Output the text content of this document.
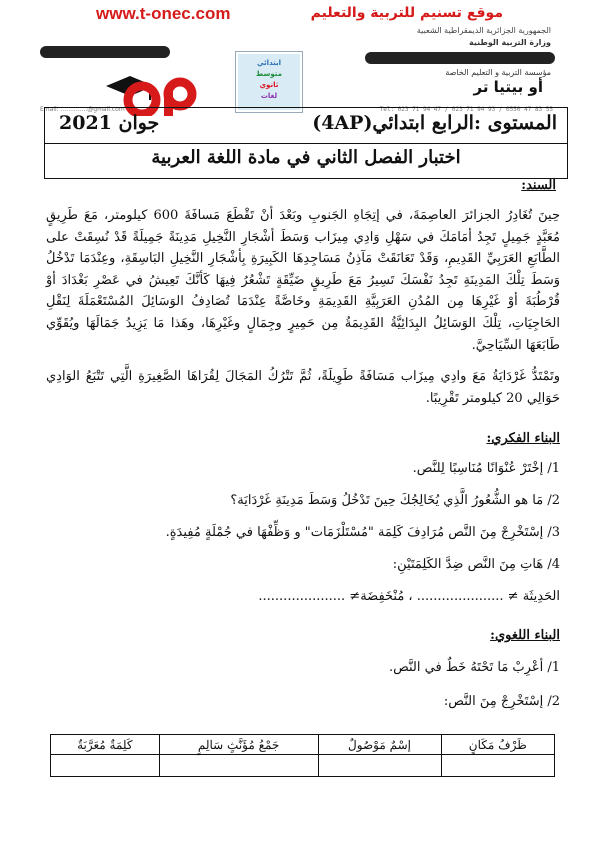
www.t-onec.com	موقع تسنيم للتربية والتعليم
الجمهورية الجزائرية الديمقراطية الشعبية
وزارة التربية الوطنية
مؤسسة التربية و التعليم الخاصة
أو بيتيا تر
ابتدائي
متوسط
ثانوي
لغات
Tel: 023 71 94 47 / 023 71 94 93 / 0550 47 83 55
Email: ..............@gmail.com
المستوى :الرابع ابتدائي(4AP)
جوان 2021
اختبار الفصل الثاني في مادة اللغة العربية
السند:

حِينَ تُغَادِرُ الجزائرَ العاصِمَةَ، في إتِجَاهِ الجَنوبِ وبَعْدَ أنْ تَقْطَعَ مَسافَةَ 600 كيلومتر، مَعَ طَرِيقٍ مُعَبَّدٍ جَمِيلٍ تَجِدُ أمَامَكَ في سَهْلِ وَادِي مِيزَاب وَسَطَ أشْجَارِ النَّخِيلِ مَدِينَةً جَمِيلَةً قَدْ نُسِقَتْ على الطَّابَعِ العَرَبِيِّ القَدِيمِ، وَقَدْ تَعَانَقَتْ مَآذِنُ مَسَاجِدِهَا الكَبِيرَةِ بِأشْجَارِ النَّخِيلِ البَاسِقَةِ، وعِنْدَمَا تَدْخُلُ وَسَطَ تِلْكَ المَدِينَةِ تَجِدُ نَفْسَكَ تَسِيرُ مَعَ طَرِيقٍ ضَيِّقَةٍ تَشْعُرُ فِيهَا كَأنَّكَ تَعِيشُ في عَصْرِ بَغْدَادَ أوْ قُرْطُبَةَ أوْ غَيْرِهَا مِن المُدُنِ العَرَبِيَّةِ القَدِيمَةِ وخَاصَّةً عِنْدَمَا تُصَادِفُ الوَسَائِلَ المُسْتَعْمَلَةَ لِنَقْلِ الحَاجِيَاتِ، تِلْكَ الوَسَائِلُ البِدَائِيَّةُ القَدِيمَةُ مِن حَمِيرٍ وجِمَالٍ وغَيْرِهَا، وهَذا مَا يَزِيدُ جَمَالَهَا ويُقَوِّي طَابَعَهَا السِّيَاحِيَّ.

وتَمْتَدُّ غَرْدَايَةُ مَعَ وادِي مِيزَاب مَسَافَةً طَوِيلَةً، ثُمَّ تَتْرُكُ المَجَالَ لِقُرَاهَا الصَّغِيرَةِ الَّتِي تَتْبَعُ الوَادِي حَوَالِي 20 كيلومتر تَقْرِيبًا.

البناء الفكري:

1/ إخْتَرْ عُنْوَانًا مُنَاسِبًا لِلنَّص.

2/ مَا هو الشُّعُورُ الَّذِي يُخَالِجُكَ حِينَ تَدْخُلُ وَسَطَ مَدِينَةِ غَرْدَايَة؟

3/ إسْتَخْرِجْ مِنَ النَّص مُرَادِفَ كَلِمَة "مُسْتَلْزَمَات" و وَظِّفْهَا في جُمْلَةٍ مُفِيدَةٍ.

4/ هَاتِ مِنَ النَّص ضِدَّ الكَلِمَتَيْنِ:

الحَدِيثَة ≠ ..................... ، مُنْخَفِضَة≠ .....................

البناء اللغوي:

1/ أعْرِبْ مَا تَحْتَهُ خَطٌ في النَّص.

2/ إسْتَخْرِجْ مِنَ النَّص:

ظَرْفُ مَكَانٍ	إسْمٌ مَوْصُولٌ	جَمْعُ مُؤَنَّثٍ سَالِمٍ	كَلِمَةٌ مُعَرَّبَةٌ
